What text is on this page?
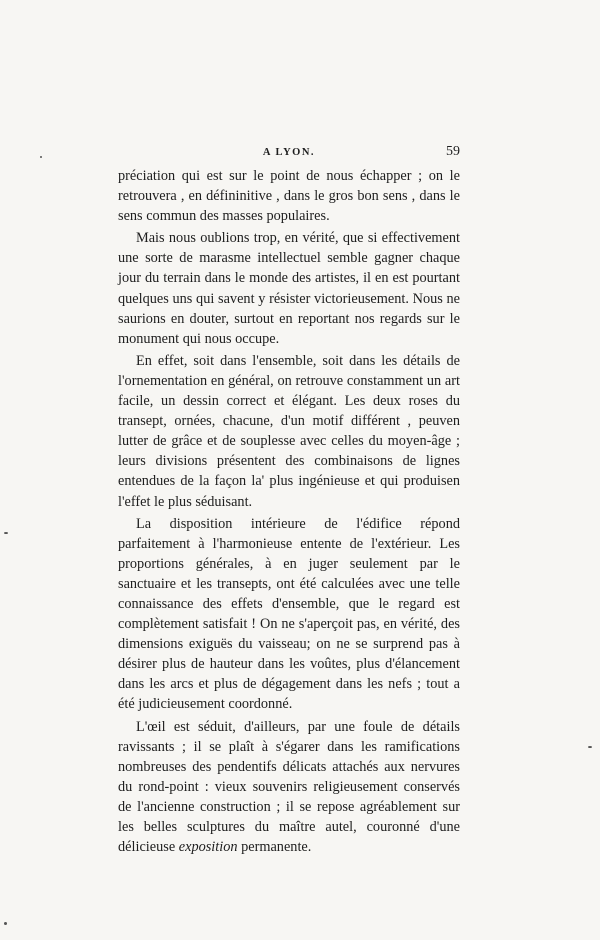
A LYON.	59

préciation qui est sur le point de nous échapper ; on le retrouvera , en défininitive , dans le gros bon sens , dans le sens commun des masses populaires.

Mais nous oublions trop, en vérité, que si effectivement une sorte de marasme intellectuel semble gagner chaque jour du terrain dans le monde des artistes, il en est pourtant quelques uns qui savent y résister victorieusement. Nous ne saurions en douter, surtout en reportant nos regards sur le monument qui nous occupe.

En effet, soit dans l'ensemble, soit dans les détails de l'ornementation en général, on retrouve constamment un art facile, un dessin correct et élégant. Les deux roses du transept, ornées, chacune, d'un motif différent , peuven lutter de grâce et de souplesse avec celles du moyen-âge ; leurs divisions présentent des combinaisons de lignes entendues de la façon la' plus ingénieuse et qui produisen l'effet le plus séduisant.

La disposition intérieure de l'édifice répond parfaitement à l'harmonieuse entente de l'extérieur. Les proportions générales, à en juger seulement par le sanctuaire et les transepts, ont été calculées avec une telle connaissance des effets d'ensemble, que le regard est complètement satisfait ! On ne s'aperçoit pas, en vérité, des dimensions exiguës du vaisseau; on ne se surprend pas à désirer plus de hauteur dans les voûtes, plus d'élancement dans les arcs et plus de dégagement dans les nefs ; tout a été judicieusement coordonné.

L'œil est séduit, d'ailleurs, par une foule de détails ravissants ; il se plaît à s'égarer dans les ramifications nombreuses des pendentifs délicats attachés aux nervures du rond-point : vieux souvenirs religieusement conservés de l'ancienne construction ; il se repose agréablement sur les belles sculptures du maître autel, couronné d'une délicieuse exposition permanente.
